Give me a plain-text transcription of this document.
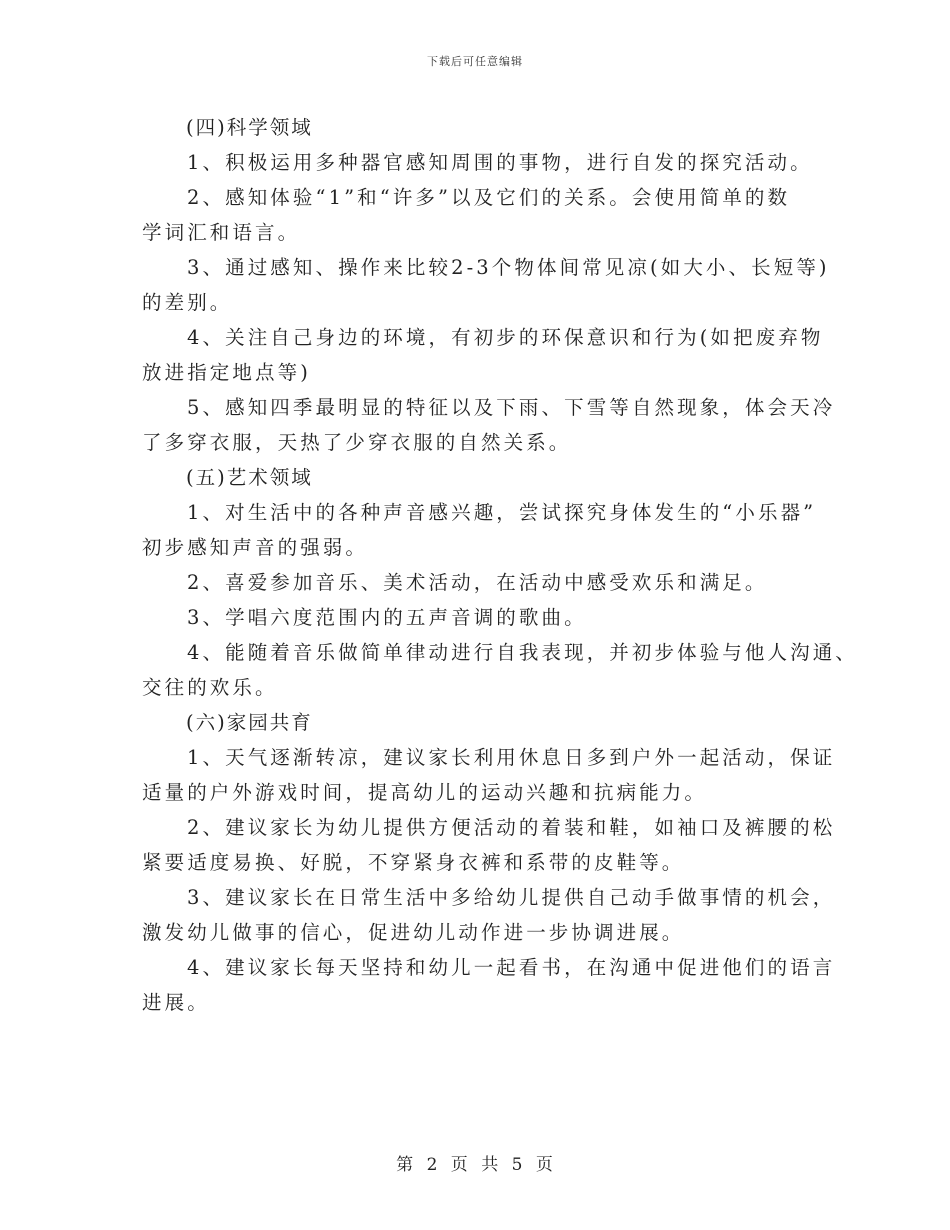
下载后可任意编辑
(四)科学领域
1、积极运用多种器官感知周围的事物，进行自发的探究活动。
2、感知体验“1”和“许多”以及它们的关系。会使用简单的数
学词汇和语言。
3、通过感知、操作来比较2-3个物体间常见凉(如大小、长短等)
的差别。
4、关注自己身边的环境，有初步的环保意识和行为(如把废弃物
放进指定地点等)
5、感知四季最明显的特征以及下雨、下雪等自然现象，体会天冷
了多穿衣服，天热了少穿衣服的自然关系。
(五)艺术领域
1、对生活中的各种声音感兴趣，尝试探究身体发生的“小乐器”
初步感知声音的强弱。
2、喜爱参加音乐、美术活动，在活动中感受欢乐和满足。
3、学唱六度范围内的五声音调的歌曲。
4、能随着音乐做简单律动进行自我表现，并初步体验与他人沟通、
交往的欢乐。
(六)家园共育
1、天气逐渐转凉，建议家长利用休息日多到户外一起活动，保证
适量的户外游戏时间，提高幼儿的运动兴趣和抗病能力。
2、建议家长为幼儿提供方便活动的着装和鞋，如袖口及裤腰的松
紧要适度易换、好脱，不穿紧身衣裤和系带的皮鞋等。
3、建议家长在日常生活中多给幼儿提供自己动手做事情的机会，
激发幼儿做事的信心，促进幼儿动作进一步协调进展。
4、建议家长每天坚持和幼儿一起看书，在沟通中促进他们的语言
进展。
第 2 页 共 5 页
